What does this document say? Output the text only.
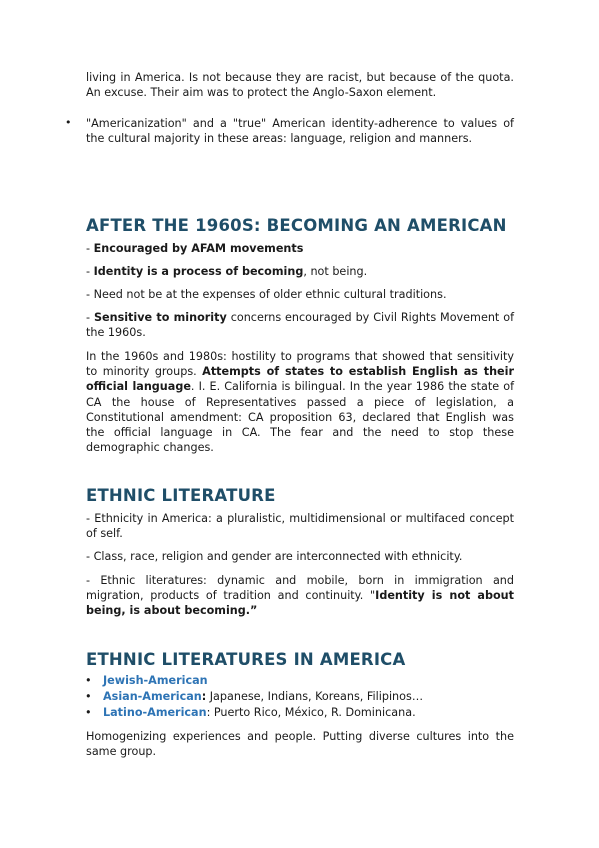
living in America. Is not because they are racist, but because of the quota. An excuse. Their aim was to protect the Anglo-Saxon element.

• "Americanization" and a "true" American identity-adherence to values of the cultural majority in these areas: language, religion and manners.

AFTER THE 1960S: BECOMING AN AMERICAN

- Encouraged by AFAM movements

- Identity is a process of becoming, not being.

- Need not be at the expenses of older ethnic cultural traditions.

- Sensitive to minority concerns encouraged by Civil Rights Movement of the 1960s.

In the 1960s and 1980s: hostility to programs that showed that sensitivity to minority groups. Attempts of states to establish English as their official language. I. E. California is bilingual. In the year 1986 the state of CA the house of Representatives passed a piece of legislation, a Constitutional amendment: CA proposition 63, declared that English was the official language in CA. The fear and the need to stop these demographic changes.

ETHNIC LITERATURE

- Ethnicity in America: a pluralistic, multidimensional or multifaced concept of self.

- Class, race, religion and gender are interconnected with ethnicity.

- Ethnic literatures: dynamic and mobile, born in immigration and migration, products of tradition and continuity. "Identity is not about being, is about becoming.”

ETHNIC LITERATURES IN AMERICA
• Jewish-American
• Asian-American: Japanese, Indians, Koreans, Filipinos…
• Latino-American: Puerto Rico, México, R. Dominicana.

Homogenizing experiences and people. Putting diverse cultures into the same group.
